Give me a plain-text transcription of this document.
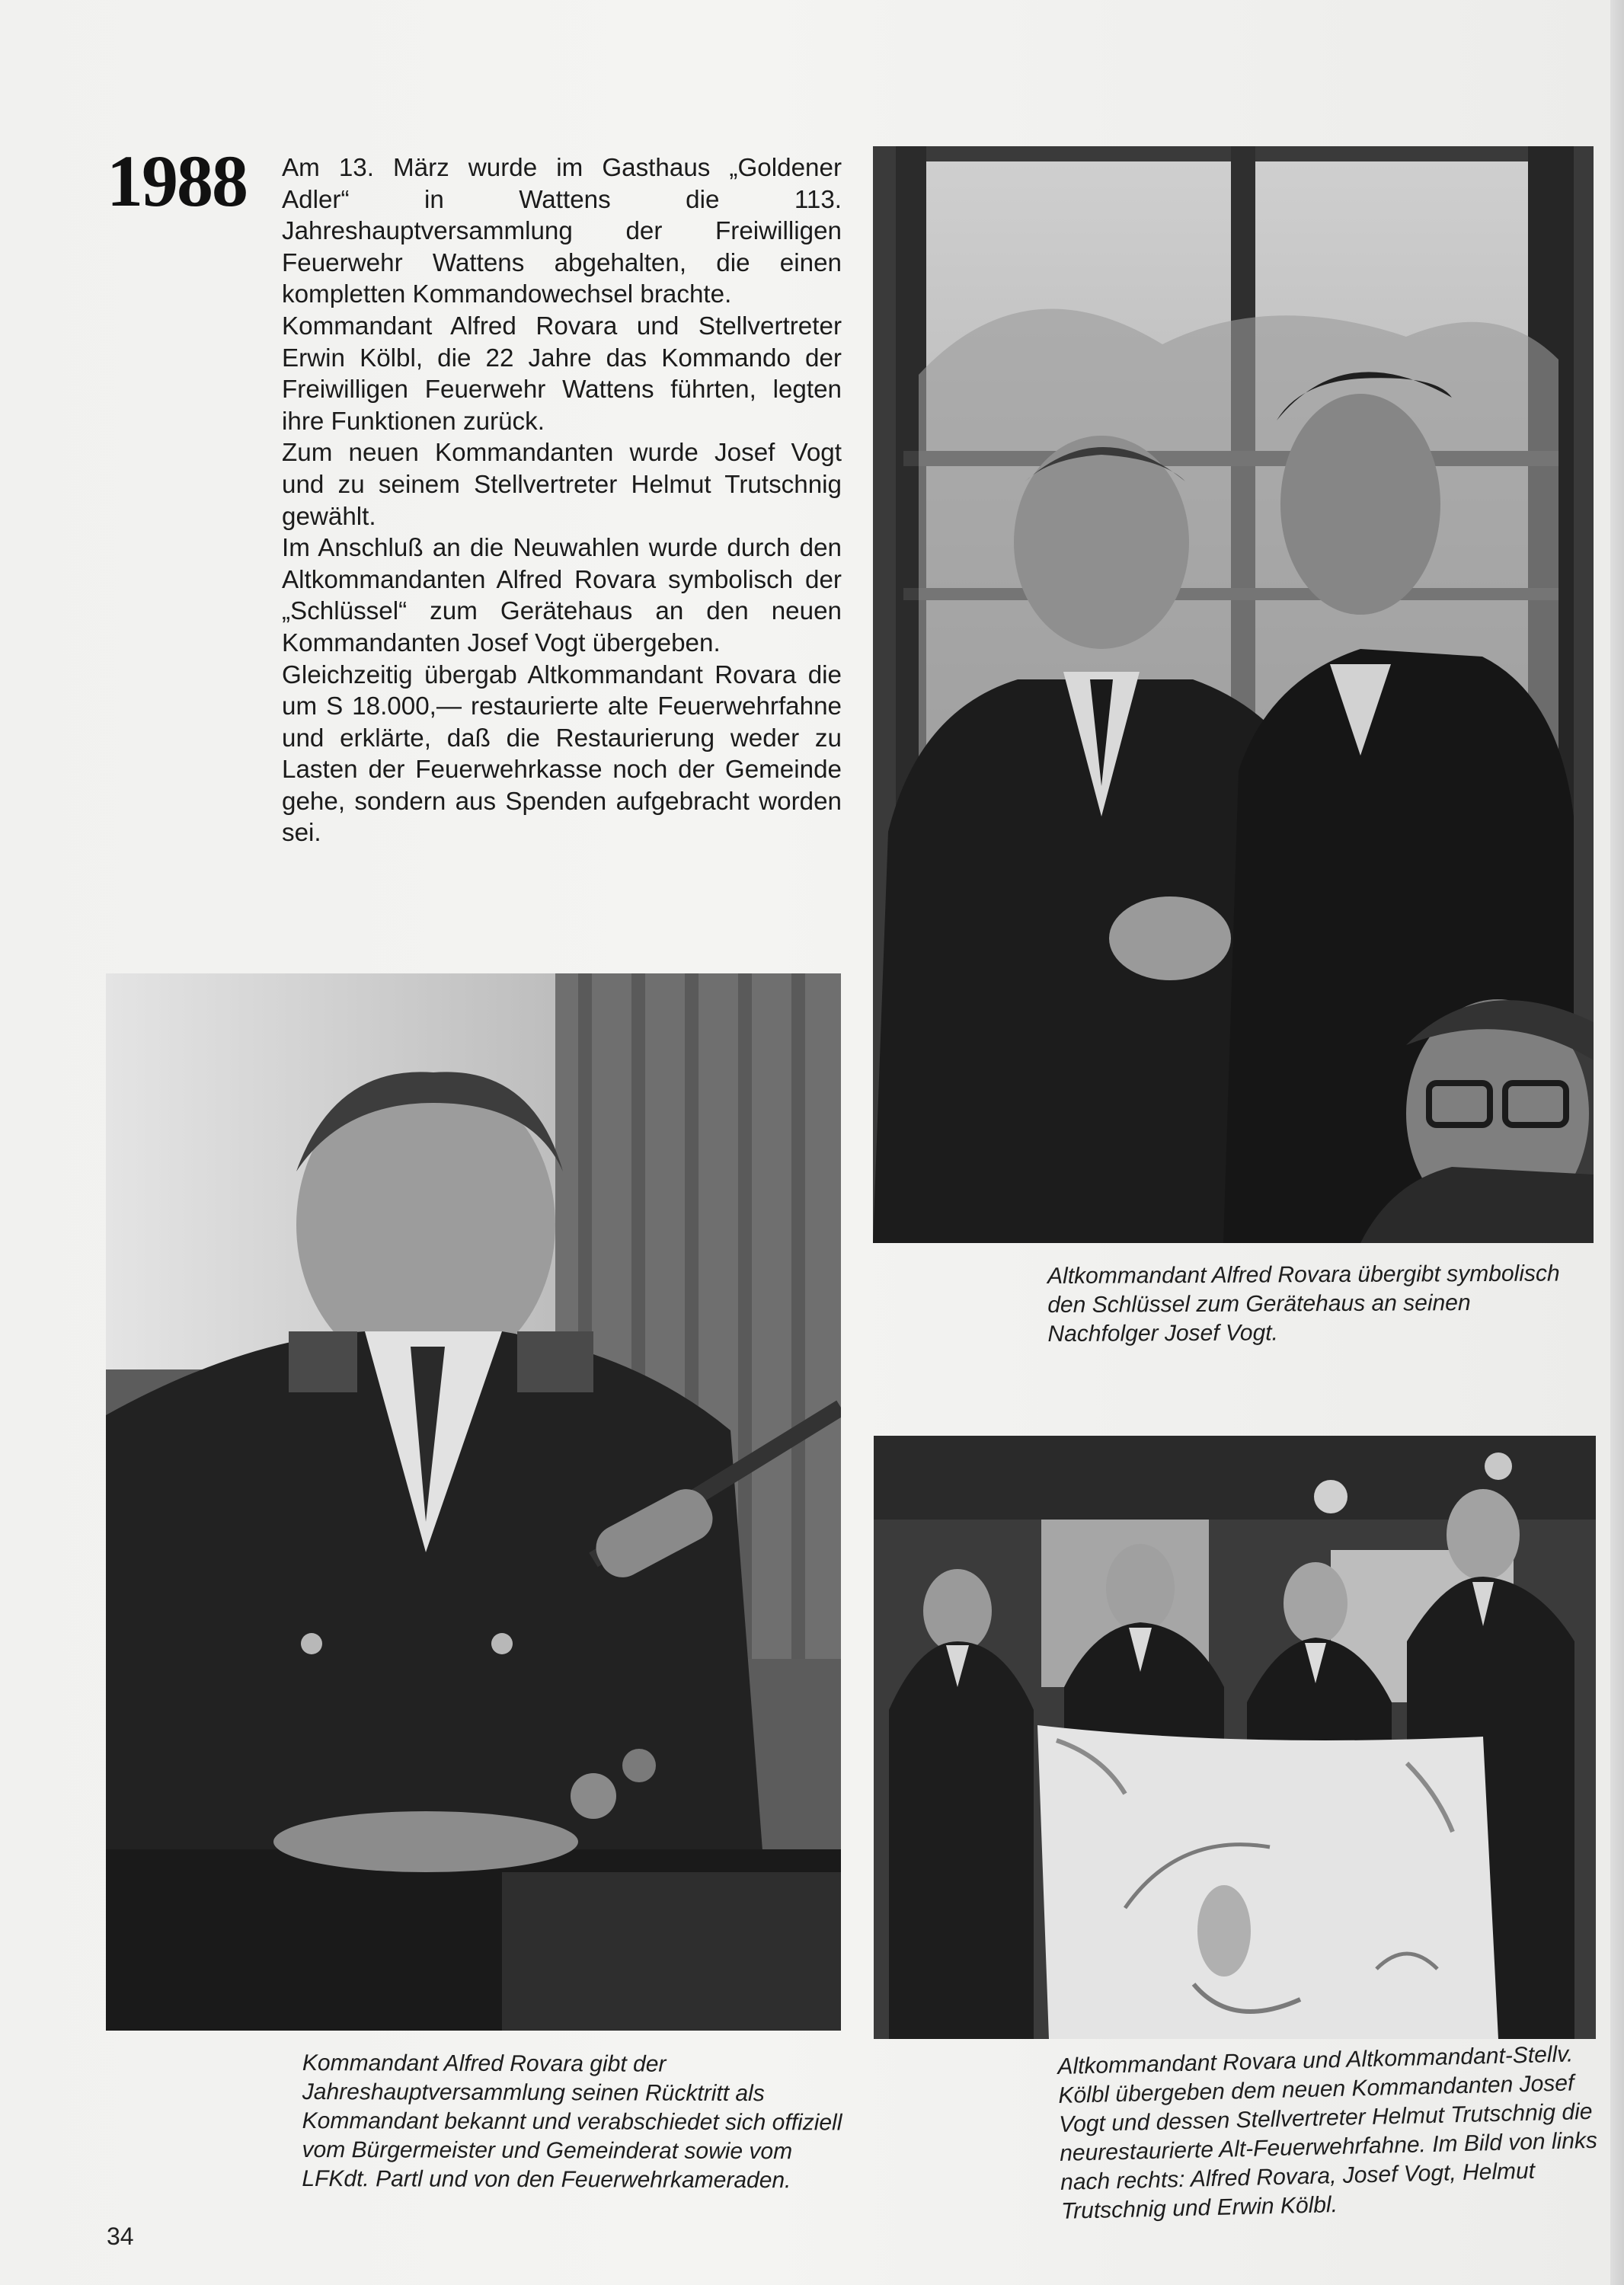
1988 Am 13. März wurde im Gasthaus „Goldener Adler“ in Wattens die 113. Jahreshauptversammlung der Freiwilligen Feuerwehr Wattens abgehalten, die einen kompletten Kommandowechsel brachte.

Kommandant Alfred Rovara und Stellvertreter Erwin Kölbl, die 22 Jahre das Kommando der Freiwilligen Feuerwehr Wattens führten, legten ihre Funktionen zurück.

Zum neuen Kommandanten wurde Josef Vogt und zu seinem Stellvertreter Helmut Trutschnig gewählt.

Im Anschluß an die Neuwahlen wurde durch den Altkommandanten Alfred Rovara symbolisch der „Schlüssel“ zum Gerätehaus an den neuen Kommandanten Josef Vogt übergeben.

Gleichzeitig übergab Altkommandant Rovara die um S 18.000,— restaurierte alte Feuerwehrfahne und erklärte, daß die Restaurierung weder zu Lasten der Feuerwehrkasse noch der Gemeinde gehe, sondern aus Spenden aufgebracht worden sei.

Altkommandant Alfred Rovara übergibt symbolisch den Schlüssel zum Gerätehaus an seinen Nachfolger Josef Vogt.

Kommandant Alfred Rovara gibt der Jahreshauptversammlung seinen Rücktritt als Kommandant bekannt und verabschiedet sich offiziell vom Bürgermeister und Gemeinderat sowie vom LFKdt. Partl und von den Feuerwehrkameraden.

Altkommandant Rovara und Altkommandant-Stellv. Kölbl übergeben dem neuen Kommandanten Josef Vogt und dessen Stellvertreter Helmut Trutschnig die neurestaurierte Alt-Feuerwehrfahne. Im Bild von links nach rechts: Alfred Rovara, Josef Vogt, Helmut Trutschnig und Erwin Kölbl.

34
